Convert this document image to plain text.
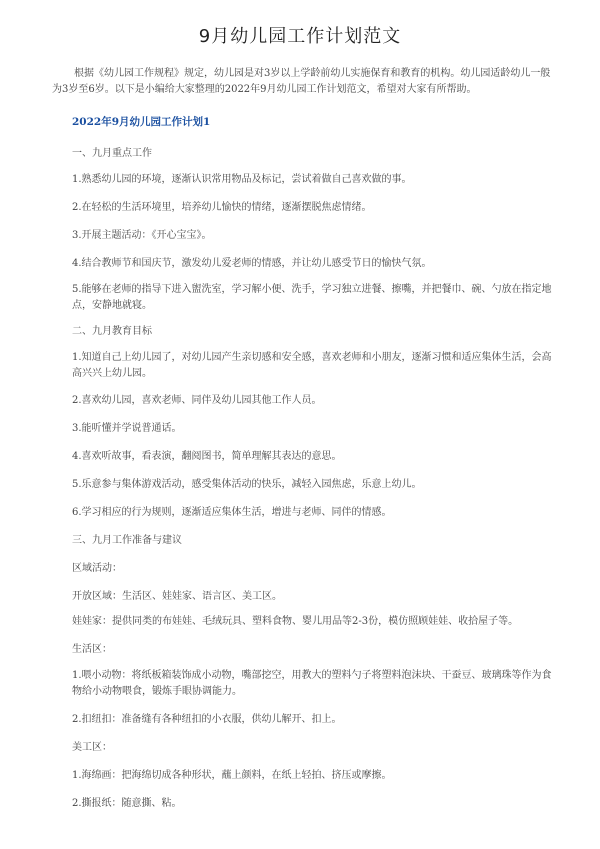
9月幼儿园工作计划范文
根据《幼儿园工作规程》规定，幼儿园是对3岁以上学龄前幼儿实施保育和教育的机构。幼儿园适龄幼儿一般为3岁至6岁。以下是小编给大家整理的2022年9月幼儿园工作计划范文，希望对大家有所帮助。
2022年9月幼儿园工作计划1
一、九月重点工作
1.熟悉幼儿园的环境，逐渐认识常用物品及标记，尝试着做自己喜欢做的事。
2.在轻松的生活环境里，培养幼儿愉快的情绪，逐渐摆脱焦虑情绪。
3.开展主题活动：《开心宝宝》。
4.结合教师节和国庆节，激发幼儿爱老师的情感，并让幼儿感受节日的愉快气氛。
5.能够在老师的指导下进入盥洗室，学习解小便、洗手，学习独立进餐、擦嘴，并把餐巾、碗、勺放在指定地点，安静地就寝。
二、九月教育目标
1.知道自己上幼儿园了，对幼儿园产生亲切感和安全感，喜欢老师和小朋友，逐渐习惯和适应集体生活，会高高兴兴上幼儿园。
2.喜欢幼儿园，喜欢老师、同伴及幼儿园其他工作人员。
3.能听懂并学说普通话。
4.喜欢听故事，看表演，翻阅图书，简单理解其表达的意思。
5.乐意参与集体游戏活动，感受集体活动的快乐，减轻入园焦虑，乐意上幼儿。
6.学习相应的行为规则，逐渐适应集体生活，增进与老师、同伴的情感。
三、九月工作准备与建议
区域活动：
开放区域：生活区、娃娃家、语言区、美工区。
娃娃家：提供同类的布娃娃、毛绒玩具、塑料食物、婴儿用品等2-3份，模仿照顾娃娃、收拾屋子等。
生活区：
1.喂小动物：将纸板箱装饰成小动物，嘴部挖空，用教大的塑料勺子将塑料泡沫块、干蚕豆、玻璃珠等作为食物给小动物喂食，锻炼手眼协调能力。
2.扣纽扣：准备缝有各种纽扣的小衣服，供幼儿解开、扣上。
美工区：
1.海绵画：把海绵切成各种形状，蘸上颜料，在纸上轻拍、挤压或摩擦。
2.撕报纸：随意撕、粘。
